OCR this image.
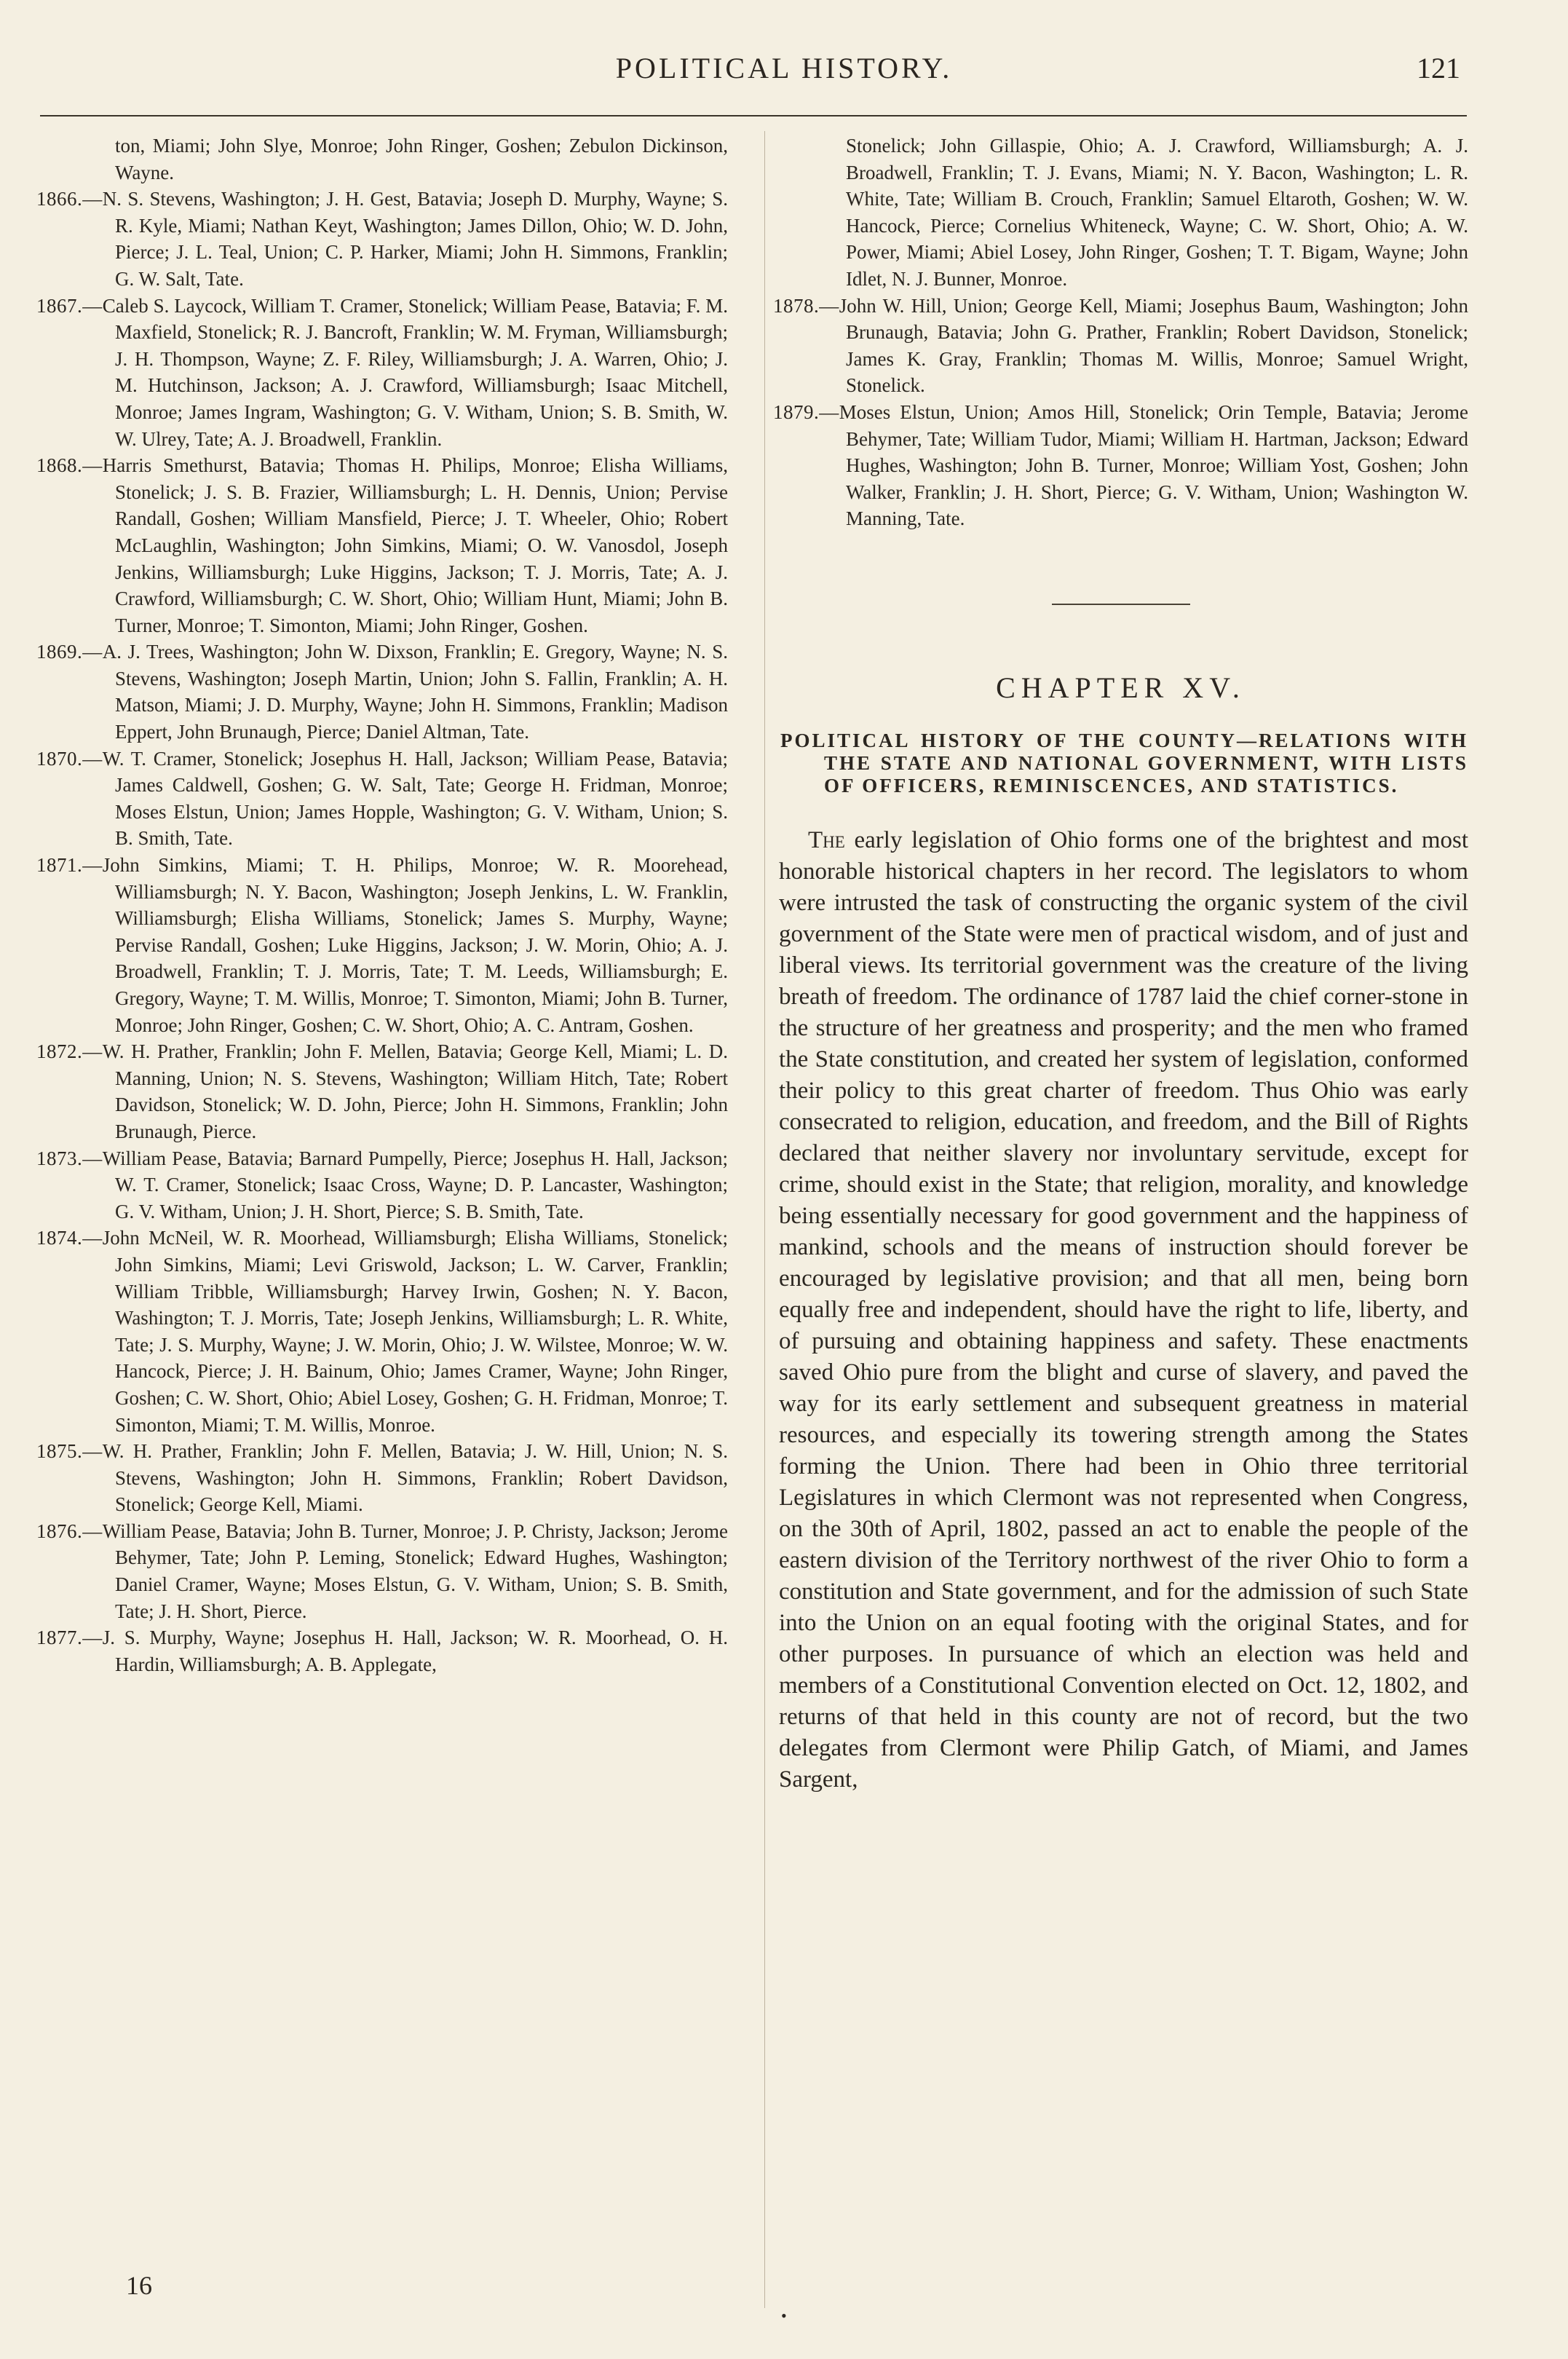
POLITICAL HISTORY.	121

ton, Miami; John Slye, Monroe; John Ringer, Goshen; Zebulon Dickinson, Wayne.

1866.—N. S. Stevens, Washington; J. H. Gest, Batavia; Joseph D. Murphy, Wayne; S. R. Kyle, Miami; Nathan Keyt, Washington; James Dillon, Ohio; W. D. John, Pierce; J. L. Teal, Union; C. P. Harker, Miami; John H. Simmons, Franklin; G. W. Salt, Tate.

1867.—Caleb S. Laycock, William T. Cramer, Stonelick; William Pease, Batavia; F. M. Maxfield, Stonelick; R. J. Bancroft, Franklin; W. M. Fryman, Williamsburgh; J. H. Thompson, Wayne; Z. F. Riley, Williamsburgh; J. A. Warren, Ohio; J. M. Hutchinson, Jackson; A. J. Crawford, Williamsburgh; Isaac Mitchell, Monroe; James Ingram, Washington; G. V. Witham, Union; S. B. Smith, W. W. Ulrey, Tate; A. J. Broadwell, Franklin.

1868.—Harris Smethurst, Batavia; Thomas H. Philips, Monroe; Elisha Williams, Stonelick; J. S. B. Frazier, Williamsburgh; L. H. Dennis, Union; Pervise Randall, Goshen; William Mansfield, Pierce; J. T. Wheeler, Ohio; Robert McLaughlin, Washington; John Simkins, Miami; O. W. Vanosdol, Joseph Jenkins, Williamsburgh; Luke Higgins, Jackson; T. J. Morris, Tate; A. J. Crawford, Williamsburgh; C. W. Short, Ohio; William Hunt, Miami; John B. Turner, Monroe; T. Simonton, Miami; John Ringer, Goshen.

1869.—A. J. Trees, Washington; John W. Dixson, Franklin; E. Gregory, Wayne; N. S. Stevens, Washington; Joseph Martin, Union; John S. Fallin, Franklin; A. H. Matson, Miami; J. D. Murphy, Wayne; John H. Simmons, Franklin; Madison Eppert, John Brunaugh, Pierce; Daniel Altman, Tate.

1870.—W. T. Cramer, Stonelick; Josephus H. Hall, Jackson; William Pease, Batavia; James Caldwell, Goshen; G. W. Salt, Tate; George H. Fridman, Monroe; Moses Elstun, Union; James Hopple, Washington; G. V. Witham, Union; S. B. Smith, Tate.

1871.—John Simkins, Miami; T. H. Philips, Monroe; W. R. Moorehead, Williamsburgh; N. Y. Bacon, Washington; Joseph Jenkins, L. W. Franklin, Williamsburgh; Elisha Williams, Stonelick; James S. Murphy, Wayne; Pervise Randall, Goshen; Luke Higgins, Jackson; J. W. Morin, Ohio; A. J. Broadwell, Franklin; T. J. Morris, Tate; T. M. Leeds, Williamsburgh; E. Gregory, Wayne; T. M. Willis, Monroe; T. Simonton, Miami; John B. Turner, Monroe; John Ringer, Goshen; C. W. Short, Ohio; A. C. Antram, Goshen.

1872.—W. H. Prather, Franklin; John F. Mellen, Batavia; George Kell, Miami; L. D. Manning, Union; N. S. Stevens, Washington; William Hitch, Tate; Robert Davidson, Stonelick; W. D. John, Pierce; John H. Simmons, Franklin; John Brunaugh, Pierce.

1873.—William Pease, Batavia; Barnard Pumpelly, Pierce; Josephus H. Hall, Jackson; W. T. Cramer, Stonelick; Isaac Cross, Wayne; D. P. Lancaster, Washington; G. V. Witham, Union; J. H. Short, Pierce; S. B. Smith, Tate.

1874.—John McNeil, W. R. Moorhead, Williamsburgh; Elisha Williams, Stonelick; John Simkins, Miami; Levi Griswold, Jackson; L. W. Carver, Franklin; William Tribble, Williamsburgh; Harvey Irwin, Goshen; N. Y. Bacon, Washington; T. J. Morris, Tate; Joseph Jenkins, Williamsburgh; L. R. White, Tate; J. S. Murphy, Wayne; J. W. Morin, Ohio; J. W. Wilstee, Monroe; W. W. Hancock, Pierce; J. H. Bainum, Ohio; James Cramer, Wayne; John Ringer, Goshen; C. W. Short, Ohio; Abiel Losey, Goshen; G. H. Fridman, Monroe; T. Simonton, Miami; T. M. Willis, Monroe.

1875.—W. H. Prather, Franklin; John F. Mellen, Batavia; J. W. Hill, Union; N. S. Stevens, Washington; John H. Simmons, Franklin; Robert Davidson, Stonelick; George Kell, Miami.

1876.—William Pease, Batavia; John B. Turner, Monroe; J. P. Christy, Jackson; Jerome Behymer, Tate; John P. Leming, Stonelick; Edward Hughes, Washington; Daniel Cramer, Wayne; Moses Elstun, G. V. Witham, Union; S. B. Smith, Tate; J. H. Short, Pierce.

1877.—J. S. Murphy, Wayne; Josephus H. Hall, Jackson; W. R. Moorhead, O. H. Hardin, Williamsburgh; A. B. Applegate,

Stonelick; John Gillaspie, Ohio; A. J. Crawford, Williamsburgh; A. J. Broadwell, Franklin; T. J. Evans, Miami; N. Y. Bacon, Washington; L. R. White, Tate; William B. Crouch, Franklin; Samuel Eltaroth, Goshen; W. W. Hancock, Pierce; Cornelius Whiteneck, Wayne; C. W. Short, Ohio; A. W. Power, Miami; Abiel Losey, John Ringer, Goshen; T. T. Bigam, Wayne; John Idlet, N. J. Bunner, Monroe.

1878.—John W. Hill, Union; George Kell, Miami; Josephus Baum, Washington; John Brunaugh, Batavia; John G. Prather, Franklin; Robert Davidson, Stonelick; James K. Gray, Franklin; Thomas M. Willis, Monroe; Samuel Wright, Stonelick.

1879.—Moses Elstun, Union; Amos Hill, Stonelick; Orin Temple, Batavia; Jerome Behymer, Tate; William Tudor, Miami; William H. Hartman, Jackson; Edward Hughes, Washington; John B. Turner, Monroe; William Yost, Goshen; John Walker, Franklin; J. H. Short, Pierce; G. V. Witham, Union; Washington W. Manning, Tate.

CHAPTER XV.
POLITICAL HISTORY OF THE COUNTY—RELATIONS WITH THE STATE AND NATIONAL GOVERNMENT, WITH LISTS OF OFFICERS, REMINISCENCES, AND STATISTICS.

The early legislation of Ohio forms one of the brightest and most honorable historical chapters in her record. The legislators to whom were intrusted the task of constructing the organic system of the civil government of the State were men of practical wisdom, and of just and liberal views. Its territorial government was the creature of the living breath of freedom. The ordinance of 1787 laid the chief corner-stone in the structure of her greatness and prosperity; and the men who framed the State constitution, and created her system of legislation, conformed their policy to this great charter of freedom. Thus Ohio was early consecrated to religion, education, and freedom, and the Bill of Rights declared that neither slavery nor involuntary servitude, except for crime, should exist in the State; that religion, morality, and knowledge being essentially necessary for good government and the happiness of mankind, schools and the means of instruction should forever be encouraged by legislative provision; and that all men, being born equally free and independent, should have the right to life, liberty, and of pursuing and obtaining happiness and safety. These enactments saved Ohio pure from the blight and curse of slavery, and paved the way for its early settlement and subsequent greatness in material resources, and especially its towering strength among the States forming the Union. There had been in Ohio three territorial Legislatures in which Clermont was not represented when Congress, on the 30th of April, 1802, passed an act to enable the people of the eastern division of the Territory northwest of the river Ohio to form a constitution and State government, and for the admission of such State into the Union on an equal footing with the original States, and for other purposes. In pursuance of which an election was held and members of a Constitutional Convention elected on Oct. 12, 1802, and returns of that held in this county are not of record, but the two delegates from Clermont were Philip Gatch, of Miami, and James Sargent,

16
•
